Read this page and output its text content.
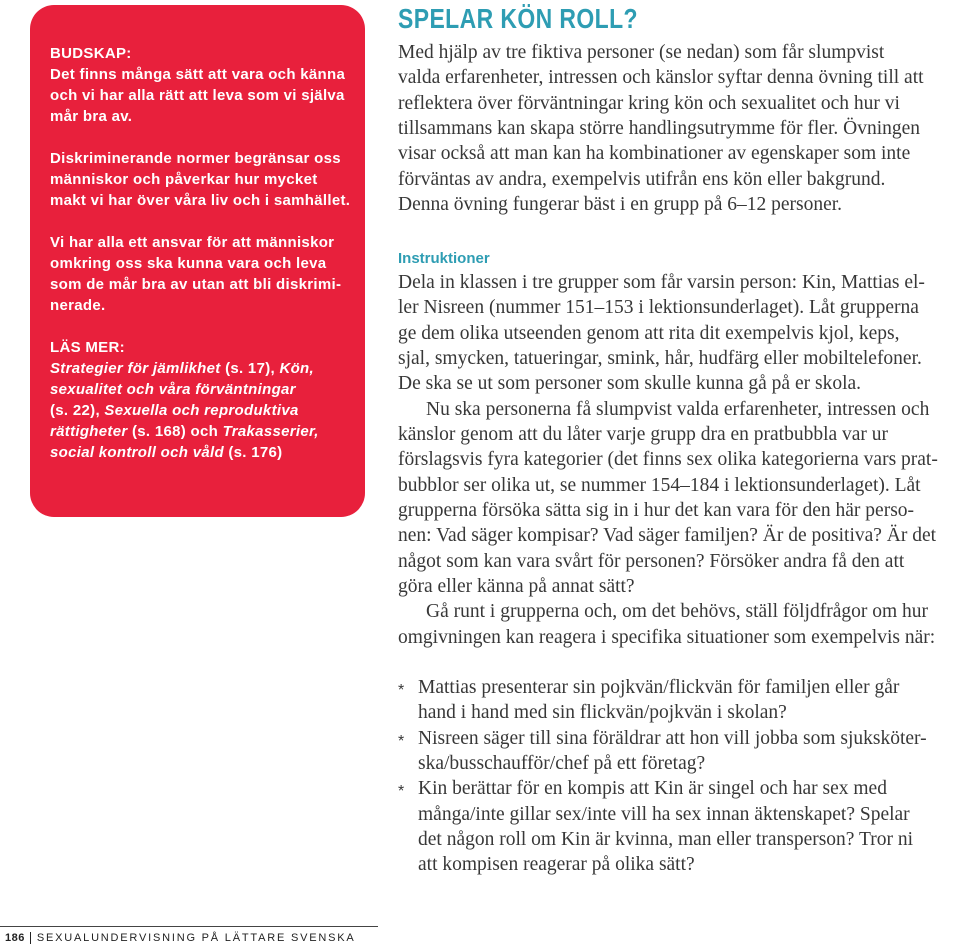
BUDSKAP:
Det finns många sätt att vara och känna
och vi har alla rätt att leva som vi själva
mår bra av.
Diskriminerande normer begränsar oss
människor och påverkar hur mycket
makt vi har över våra liv och i samhället.
Vi har alla ett ansvar för att människor
omkring oss ska kunna vara och leva
som de mår bra av utan att bli diskrimi-
nerade.
LÄS MER:
Strategier för jämlikhet (s. 17), Kön,
sexualitet och våra förväntningar
(s. 22), Sexuella och reproduktiva
rättigheter (s. 168) och Trakasserier,
social kontroll och våld (s. 176)
SPELAR KÖN ROLL?
Med hjälp av tre fiktiva personer (se nedan) som får slumpvist
valda erfarenheter, intressen och känslor syftar denna övning till att
reflektera över förväntningar kring kön och sexualitet och hur vi
tillsammans kan skapa större handlingsutrymme för fler. Övningen
visar också att man kan ha kombinationer av egenskaper som inte
förväntas av andra, exempelvis utifrån ens kön eller bakgrund.
Denna övning fungerar bäst i en grupp på 6–12 personer.
Instruktioner
Dela in klassen i tre grupper som får varsin person: Kin, Mattias el-
ler Nisreen (nummer 151–153 i lektionsunderlaget). Låt grupperna
ge dem olika utseenden genom att rita dit exempelvis kjol, keps,
sjal, smycken, tatueringar, smink, hår, hudfärg eller mobiltelefoner.
De ska se ut som personer som skulle kunna gå på er skola.
Nu ska personerna få slumpvist valda erfarenheter, intressen och
känslor genom att du låter varje grupp dra en pratbubbla var ur
förslagsvis fyra kategorier (det finns sex olika kategorierna vars prat-
bubblor ser olika ut, se nummer 154–184 i lektionsunderlaget). Låt
grupperna försöka sätta sig in i hur det kan vara för den här perso-
nen: Vad säger kompisar? Vad säger familjen? Är de positiva? Är det
något som kan vara svårt för personen? Försöker andra få den att
göra eller känna på annat sätt?
Gå runt i grupperna och, om det behövs, ställ följdfrågor om hur
omgivningen kan reagera i specifika situationer som exempelvis när:
* Mattias presenterar sin pojkvän/flickvän för familjen eller går
hand i hand med sin flickvän/pojkvän i skolan?
* Nisreen säger till sina föräldrar att hon vill jobba som sjuksköter-
ska/busschaufför/chef på ett företag?
* Kin berättar för en kompis att Kin är singel och har sex med
många/inte gillar sex/inte vill ha sex innan äktenskapet? Spelar
det någon roll om Kin är kvinna, man eller transperson? Tror ni
att kompisen reagerar på olika sätt?
186 SEXUALUNDERVISNING PÅ LÄTTARE SVENSKA
